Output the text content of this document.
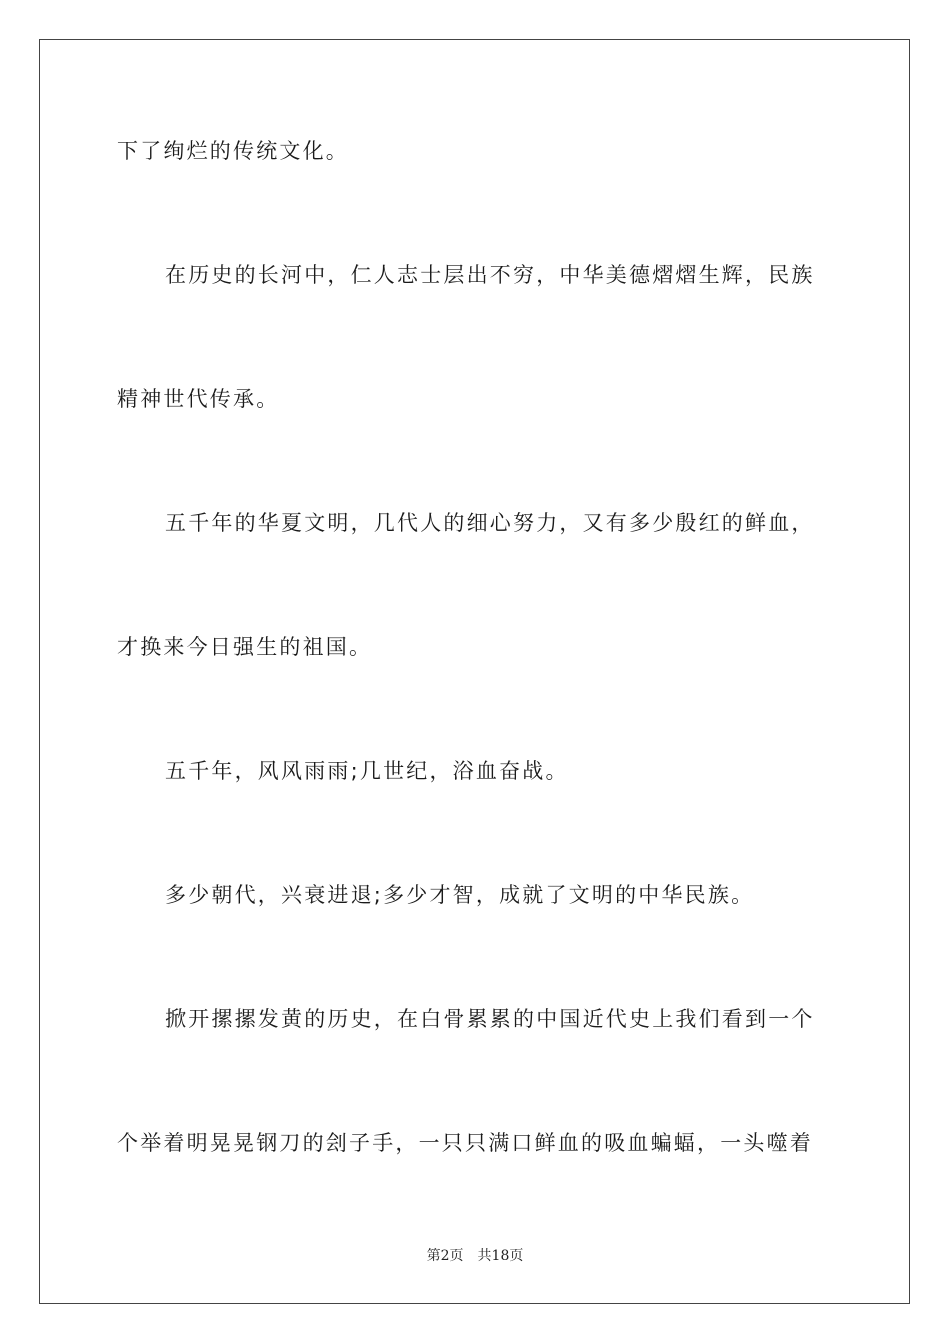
下了绚烂的传统文化。
在历史的长河中，仁人志士层出不穷，中华美德熠熠生辉，民族
精神世代传承。
五千年的华夏文明，几代人的细心努力，又有多少殷红的鲜血，
才换来今日强生的祖国。
五千年，风风雨雨;几世纪，浴血奋战。
多少朝代，兴衰进退;多少才智，成就了文明的中华民族。
掀开摞摞发黄的历史，在白骨累累的中国近代史上我们看到一个
个举着明晃晃钢刀的刽子手，一只只满口鲜血的吸血蝙蝠，一头噬着
第2页 共18页
